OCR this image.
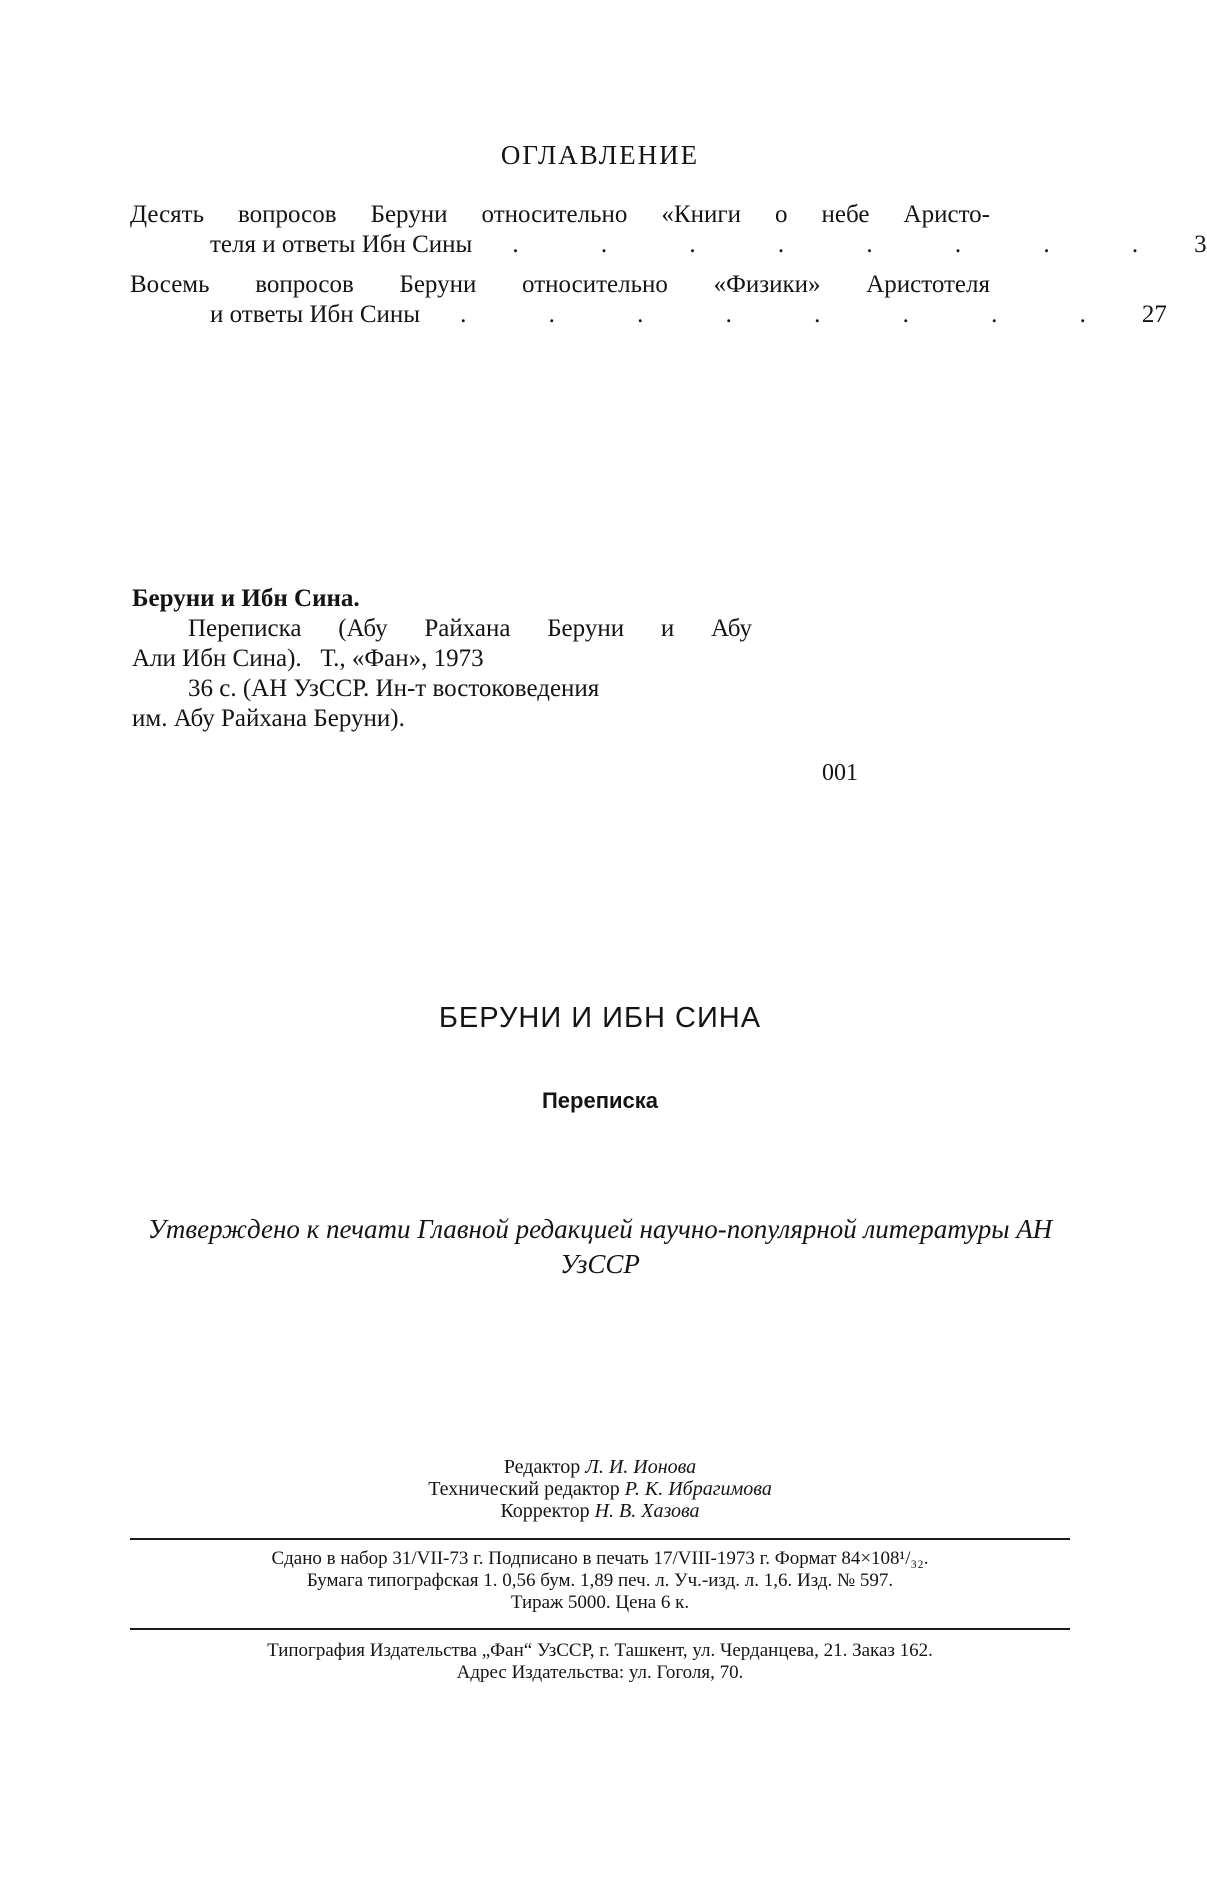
ОГЛАВЛЕНИЕ
Десять вопросов Беруни относительно «Книги о небе Аристо-
теля и ответы Ибн Сины . . . . . . . . 3
Восемь вопросов Беруни относительно «Физики» Аристотеля
и ответы Ибн Сины . . . . . . . . 27
Беруни и Ибн Сина.
Переписка (Абу Райхана Беруни и Абу
Али Ибн Сина).   Т., «Фан», 1973
36 с. (АН УзССР. Ин-т востоковедения
им. Абу Райхана Беруни).
001
БЕРУНИ И ИБН СИНА
Переписка
Утверждено к печати Главной редакцией научно-популярной литературы АН УзССР
Редактор Л. И. Ионова
Технический редактор Р. К. Ибрагимова
Корректор Н. В. Хазова
Сдано в набор 31/VII-73 г. Подписано в печать 17/VIII-1973 г. Формат 84×108¹/₃₂.
Бумага типографская 1. 0,56 бум. 1,89 печ. л. Уч.-изд. л. 1,6. Изд. № 597.
Тираж 5000. Цена 6 к.
Типография Издательства „Фан“ УзССР, г. Ташкент, ул. Черданцева, 21. Заказ 162.
Адрес Издательства: ул. Гоголя, 70.
